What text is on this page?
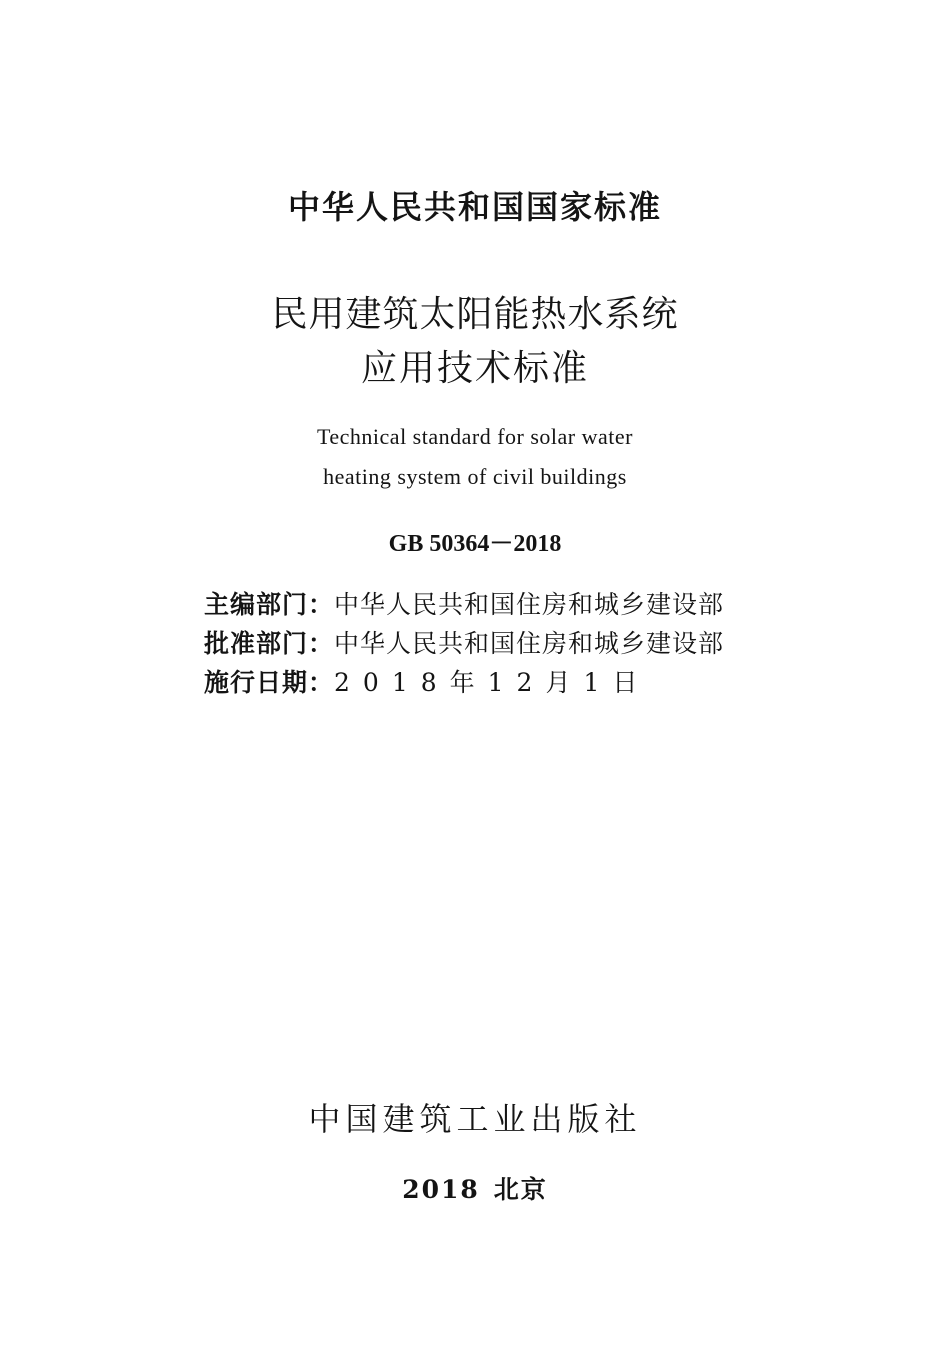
中华人民共和国国家标准
民用建筑太阳能热水系统
应用技术标准
Technical standard for solar water
heating system of civil buildings
GB 50364－2018
主编部门：中华人民共和国住房和城乡建设部
批准部门：中华人民共和国住房和城乡建设部
施行日期：2018年12月1日
中国建筑工业出版社
2018 北京
